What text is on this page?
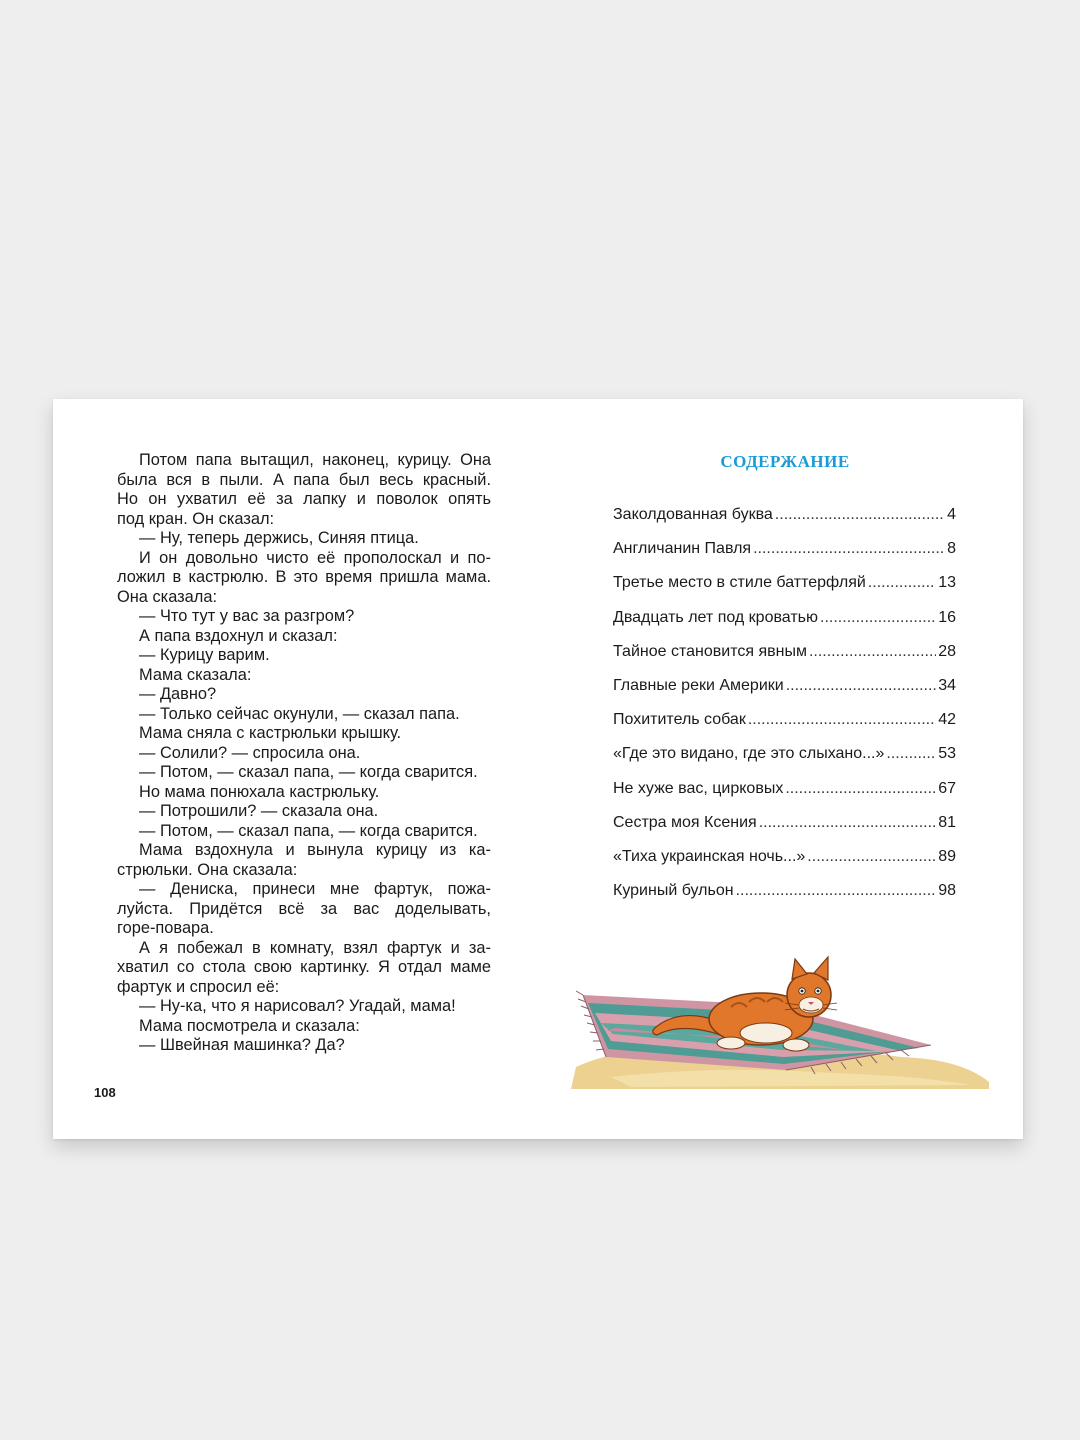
Потом папа вытащил, наконец, курицу. Она
была вся в пыли. А папа был весь красный.
Но он ухватил её за лапку и поволок опять
под кран. Он сказал:
— Ну, теперь держись, Синяя птица.
И он довольно чисто её прополоскал и по-
ложил в кастрюлю. В это время пришла мама.
Она сказала:
— Что тут у вас за разгром?
А папа вздохнул и сказал:
— Курицу варим.
Мама сказала:
— Давно?
— Только сейчас окунули, — сказал папа.
Мама сняла с кастрюльки крышку.
— Солили? — спросила она.
— Потом, — сказал папа, — когда сварится.
Но мама понюхала кастрюльку.
— Потрошили? — сказала она.
— Потом, — сказал папа, — когда сварится.
Мама вздохнула и вынула курицу из ка-
стрюльки. Она сказала:
— Дениска, принеси мне фартук, пожа-
луйста. Придётся всё за вас доделывать,
горе-повара.
А я побежал в комнату, взял фартук и за-
хватил со стола свою картинку. Я отдал маме
фартук и спросил её:
— Ну-ка, что я нарисовал? Угадай, мама!
Мама посмотрела и сказала:
— Швейная машинка? Да?
108
СОДЕРЖАНИЕ
Заколдованная буква .....	4
Англичанин Павля .....	8
Третье место в стиле баттерфляй .....	13
Двадцать лет под кроватью .....	16
Тайное становится явным .....	28
Главные реки Америки .....	34
Похититель собак .....	42
«Где это видано, где это слыхано...» .....	53
Не хуже вас, цирковых .....	67
Сестра моя Ксения .....	81
«Тиха украинская ночь...» .....	89
Куриный бульон .....	98
